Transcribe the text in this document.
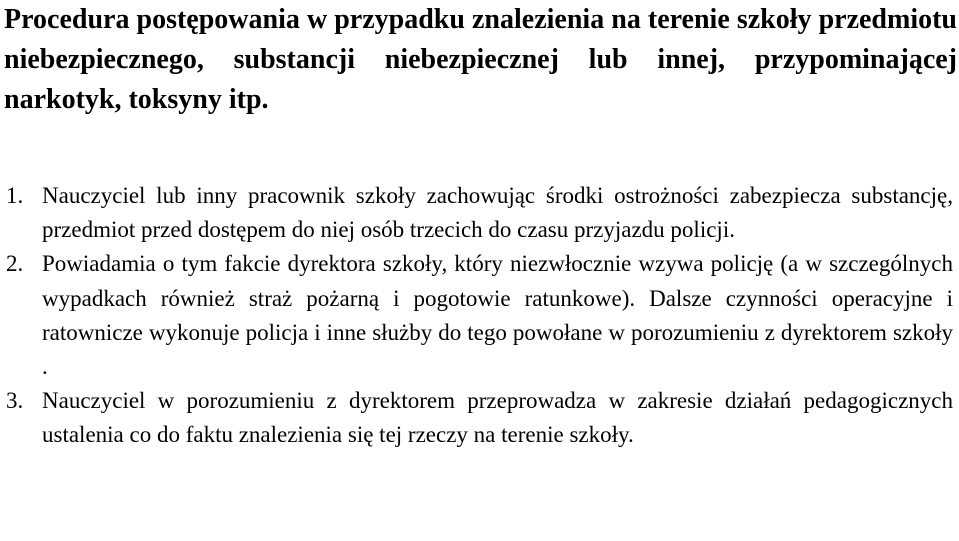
Procedura postępowania w przypadku znalezienia na terenie szkoły przedmiotu niebezpiecznego, substancji niebezpiecznej lub innej, przypominającej narkotyk, toksyny itp.
1. Nauczyciel lub inny pracownik szkoły zachowując środki ostrożności zabezpiecza substancję, przedmiot przed dostępem do niej osób trzecich do czasu przyjazdu policji.
2. Powiadamia o tym fakcie dyrektora szkoły, który niezwłocznie wzywa policję (a w szczególnych wypadkach również straż pożarną i pogotowie ratunkowe). Dalsze czynności operacyjne i ratownicze wykonuje policja i inne służby do tego powołane w porozumieniu z dyrektorem szkoły .
3. Nauczyciel w porozumieniu z dyrektorem przeprowadza w zakresie działań pedagogicznych ustalenia co do faktu znalezienia się tej rzeczy na terenie szkoły.
